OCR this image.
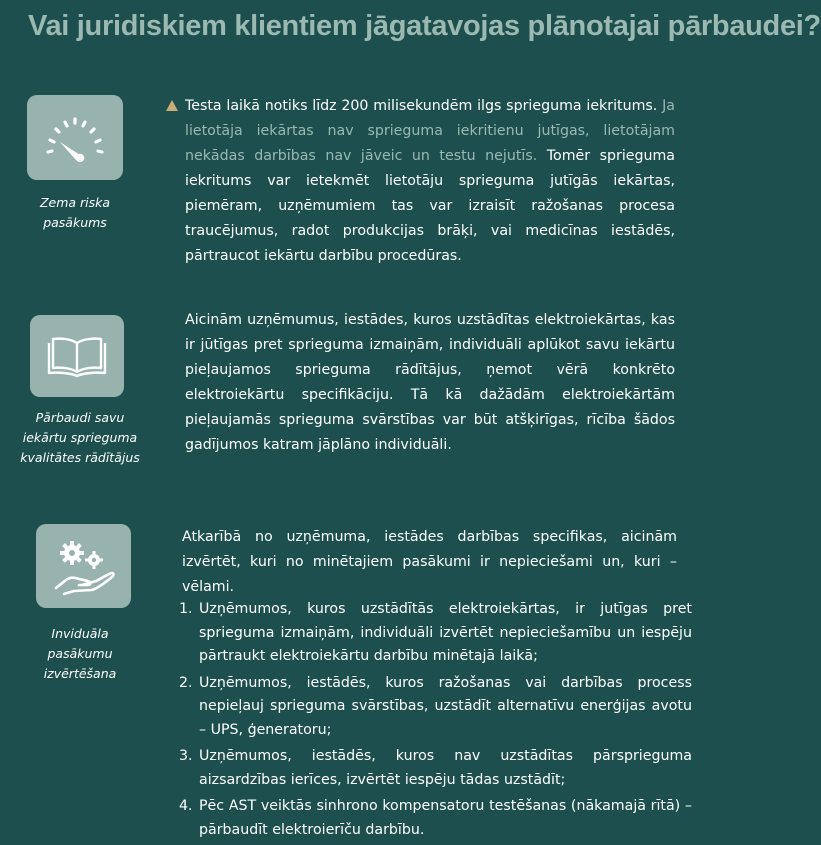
Vai juridiskiem klientiem jāgatavojas plānotajai pārbaudei?
Zema riska pasākums
Testa laikā notiks līdz 200 milisekundēm ilgs sprieguma iekritums. Ja lietotāja iekārtas nav sprieguma iekritienu jutīgas, lietotājam nekādas darbības nav jāveic un testu nejutīs. Tomēr sprieguma iekritums var ietekmēt lietotāju sprieguma jutīgās iekārtas, piemēram, uzņēmumiem tas var izraisīt ražošanas procesa traucējumus, radot produkcijas brāķi, vai medicīnas iestādēs, pārtraucot iekārtu darbību procedūras.
Pārbaudi savu iekārtu sprieguma kvalitātes rādītājus
Aicinām uzņēmumus, iestādes, kuros uzstādītas elektroiekārtas, kas ir jūtīgas pret sprieguma izmaiņām, individuāli aplūkot savu iekārtu pieļaujamos sprieguma rādītājus, ņemot vērā konkrēto elektroiekārtu specifikāciju. Tā kā dažādām elektroiekārtām pieļaujamās sprieguma svārstības var būt atšķirīgas, rīcība šādos gadījumos katram jāplāno individuāli.
Inviduāla pasākumu izvērtēšana
Atkarībā no uzņēmuma, iestādes darbības specifikas, aicinām izvērtēt, kuri no minētajiem pasākumi ir nepieciešami un, kuri – vēlami.
1. Uzņēmumos, kuros uzstādītās elektroiekārtas, ir jutīgas pret sprieguma izmaiņām, individuāli izvērtēt nepieciešamību un iespēju pārtraukt elektroiekārtu darbību minētajā laikā;
2. Uzņēmumos, iestādēs, kuros ražošanas vai darbības process nepieļauj sprieguma svārstības, uzstādīt alternatīvu enerģijas avotu – UPS, ģeneratoru;
3. Uzņēmumos, iestādēs, kuros nav uzstādītas pārsprieguma aizsardzības ierīces, izvērtēt iespēju tādas uzstādīt;
4. Pēc AST veiktās sinhrono kompensatoru testēšanas (nākamajā rītā) – pārbaudīt elektroierīču darbību.
